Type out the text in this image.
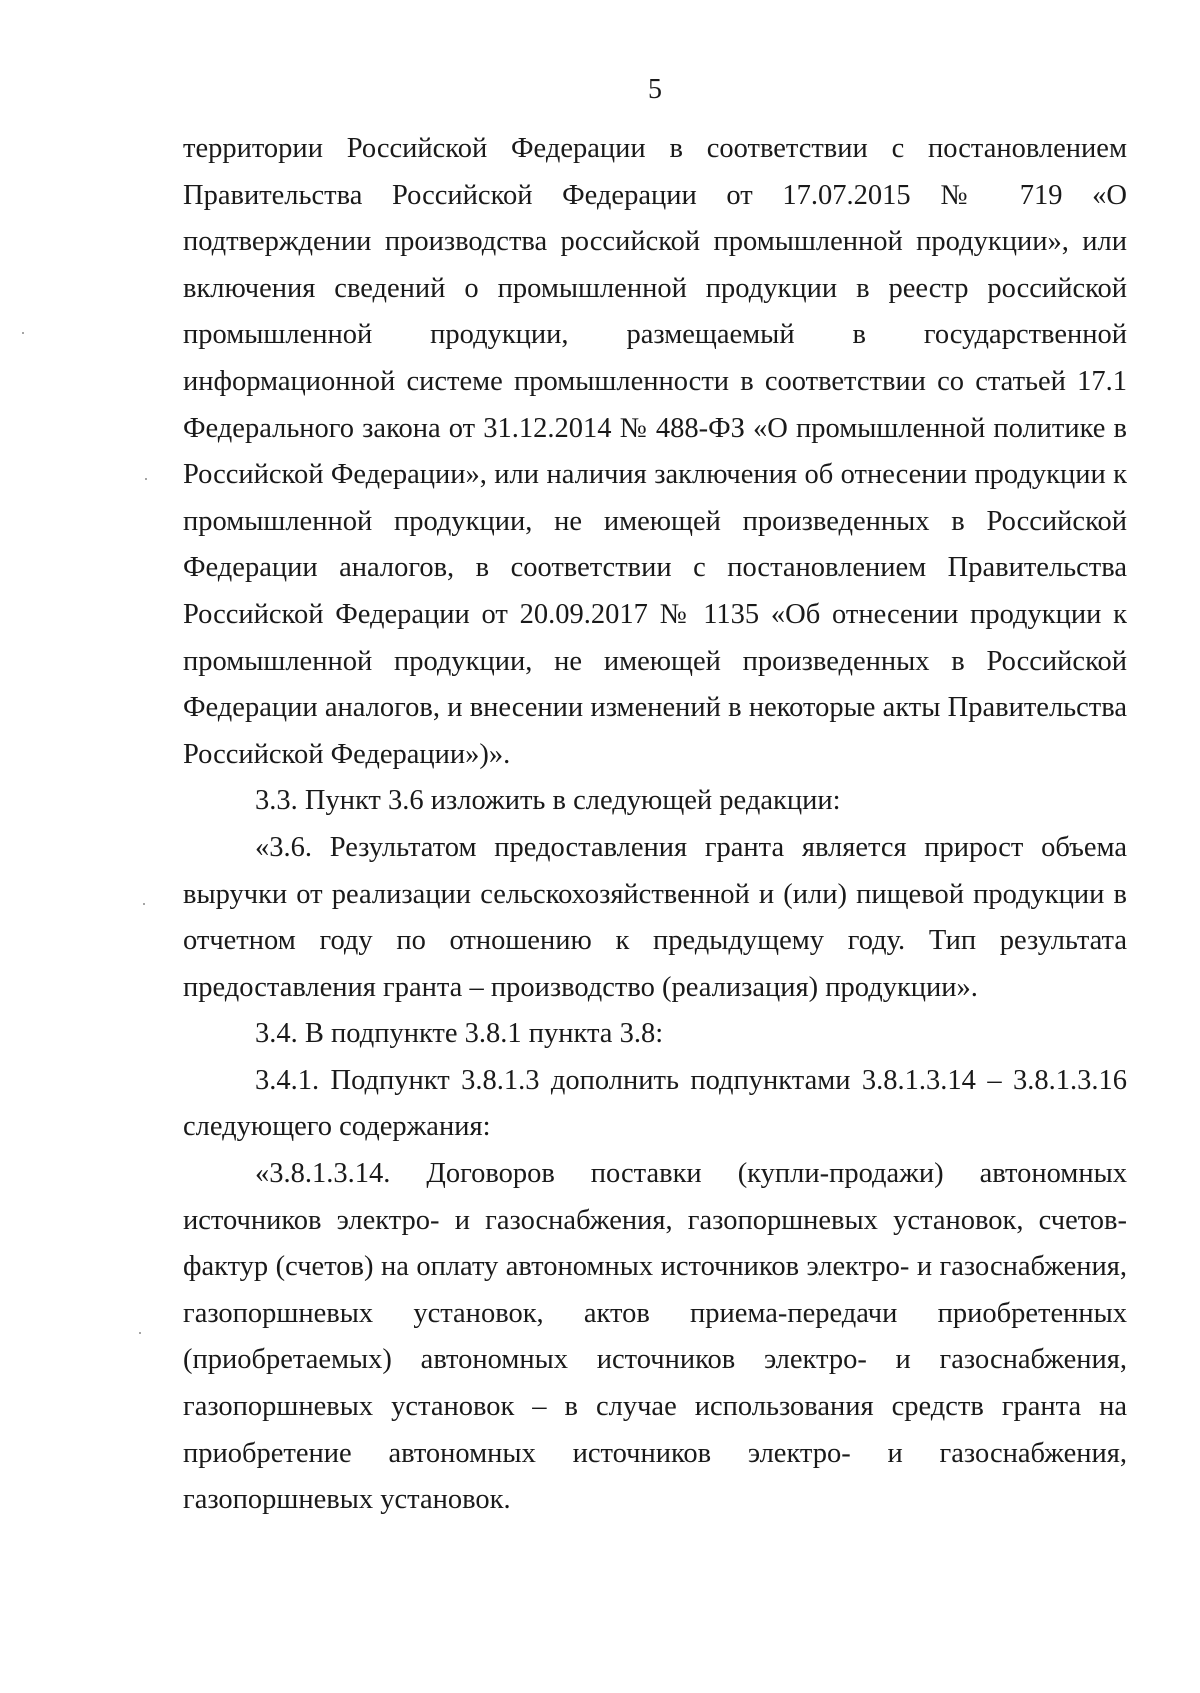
5

территории Российской Федерации в соответствии с постановлением Правительства Российской Федерации от 17.07.2015 № 719 «О подтверждении производства российской промышленной продукции», или включения сведений о промышленной продукции в реестр российской промышленной продукции, размещаемый в государственной информационной системе промышленности в соответствии со статьей 17.1 Федерального закона от 31.12.2014 № 488-ФЗ «О промышленной политике в Российской Федерации», или наличия заключения об отнесении продукции к промышленной продукции, не имеющей произведенных в Российской Федерации аналогов, в соответствии с постановлением Правительства Российской Федерации от 20.09.2017 № 1135 «Об отнесении продукции к промышленной продукции, не имеющей произведенных в Российской Федерации аналогов, и внесении изменений в некоторые акты Правительства Российской Федерации»)».

3.3. Пункт 3.6 изложить в следующей редакции:

«3.6. Результатом предоставления гранта является прирост объема выручки от реализации сельскохозяйственной и (или) пищевой продукции в отчетном году по отношению к предыдущему году. Тип результата предоставления гранта – производство (реализация) продукции».

3.4. В подпункте 3.8.1 пункта 3.8:

3.4.1. Подпункт 3.8.1.3 дополнить подпунктами 3.8.1.3.14 – 3.8.1.3.16 следующего содержания:

«3.8.1.3.14. Договоров поставки (купли-продажи) автономных источников электро- и газоснабжения, газопоршневых установок, счетов-фактур (счетов) на оплату автономных источников электро- и газоснабжения, газопоршневых установок, актов приема-передачи приобретенных (приобретаемых) автономных источников электро- и газоснабжения, газопоршневых установок – в случае использования средств гранта на приобретение автономных источников электро- и газоснабжения, газопоршневых установок.
